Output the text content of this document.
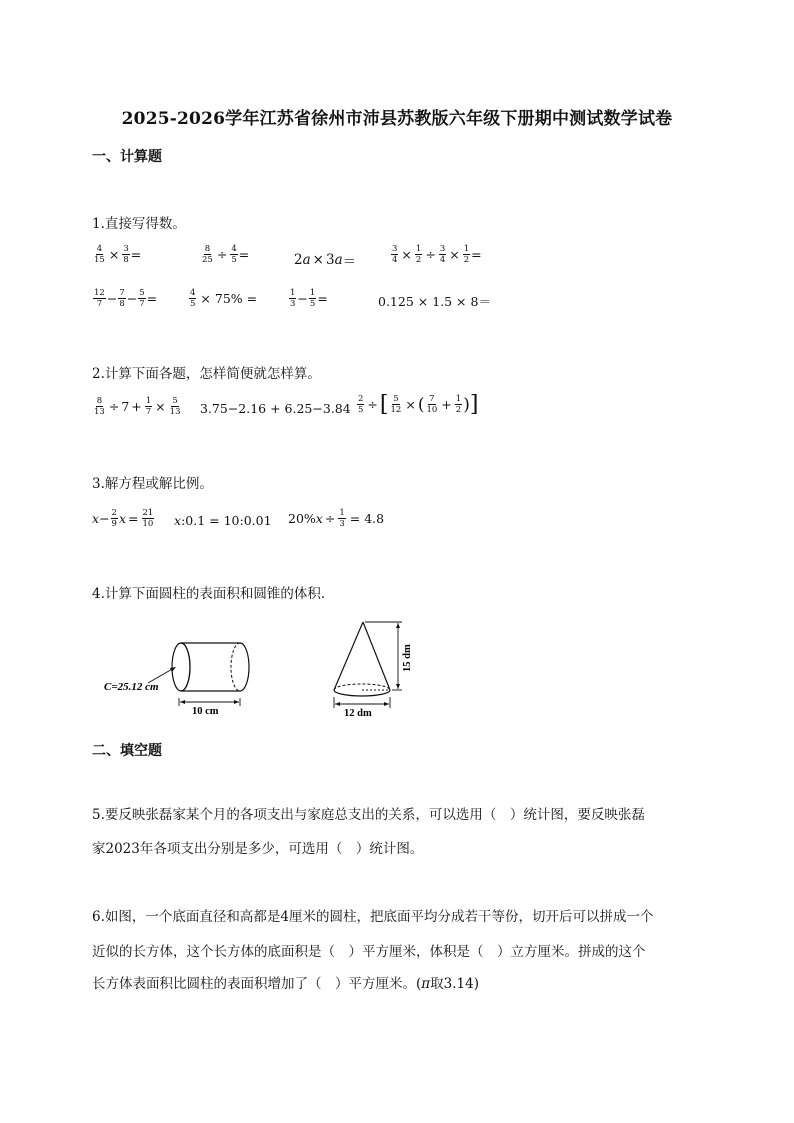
2025-2026学年江苏省徐州市沛县苏教版六年级下册期中测试数学试卷
一、计算题
1.直接写得数。
$\frac{4}{15} \times \frac{3}{8}$ =	$\frac{8}{25} \div \frac{4}{5}$ =	2 a × 3 a ＝	$\frac{3}{4} \times \frac{1}{2} \div \frac{3}{4} \times \frac{1}{2}$ =
$\frac{12}{7} - \frac{7}{8} - \frac{5}{7}$ =	$\frac{4}{5} \times 75\%$ =	$\frac{1}{3} - \frac{1}{5}$ =	0.125 × 1.5 × 8＝
2.计算下面各题，怎样简便就怎样算。
$\frac{8}{13} \div 7 + \frac{1}{7} \times \frac{5}{13} 3.75-2.16 + 6.25-3.84 \frac{2}{5}$ ÷ [ $\frac{5}{12}$ × ( $\frac{7}{10} + \frac{1}{2}$ ) ]
3.解方程或解比例。
$x - \frac{2}{9}$ $x = \frac{21}{10}$ x :0.1 = 10:0.01 20% $x \div \frac{1}{3} = 4.8$
4.计算下面圆柱的表面积和圆锥的体积．
C=25.12 cm
10 cm
15 dm
12 dm
二、填空题
5.要反映张磊家某个月的各项支出与家庭总支出的关系，可以选用（　）统计图，要反映张磊
家2023年各项支出分别是多少，可选用（　）统计图。
6.如图，一个底面直径和高都是4厘米的圆柱，把底面平均分成若干等份，切开后可以拼成一个
近似的长方体，这个长方体的底面积是（　）平方厘米，体积是（　）立方厘米。拼成的这个
长方体表面积比圆柱的表面积增加了（　）平方厘米。(π取3.14)
